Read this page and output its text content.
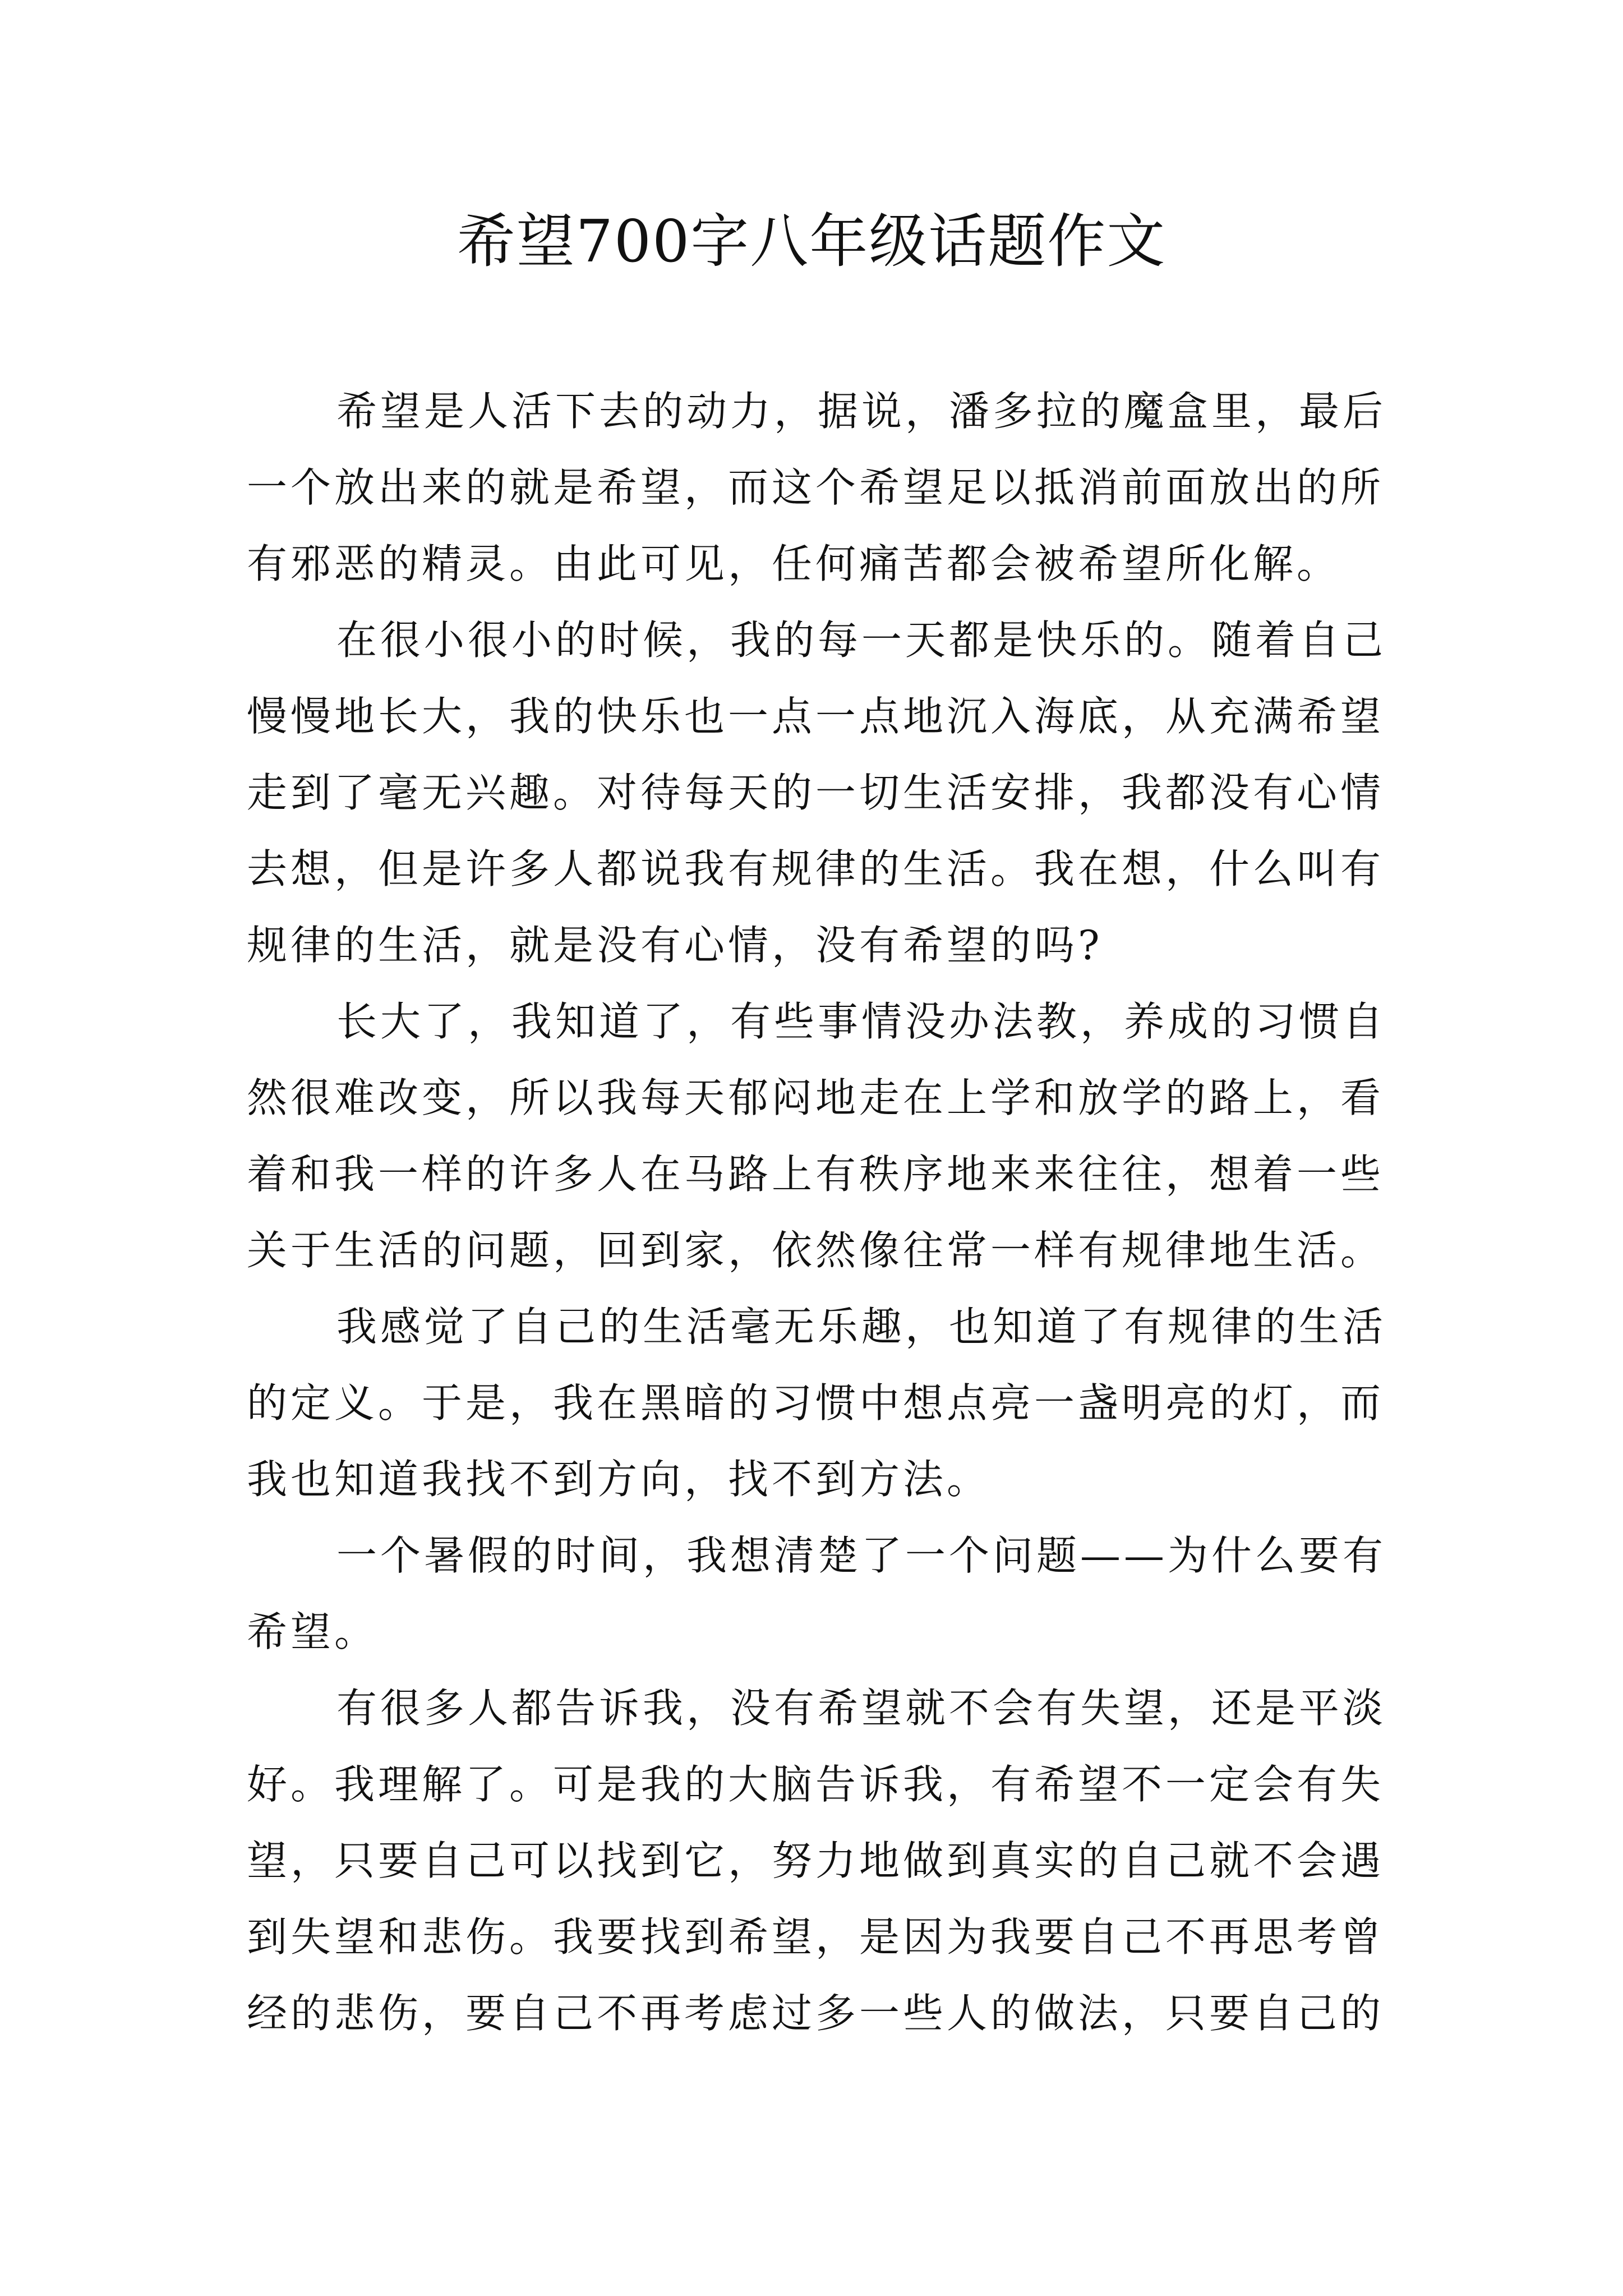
希望700字八年级话题作文
希望是人活下去的动力，据说，潘多拉的魔盒里，最后
一个放出来的就是希望，而这个希望足以抵消前面放出的所
有邪恶的精灵。由此可见，任何痛苦都会被希望所化解。
在很小很小的时候，我的每一天都是快乐的。随着自己
慢慢地长大，我的快乐也一点一点地沉入海底，从充满希望
走到了毫无兴趣。对待每天的一切生活安排，我都没有心情
去想，但是许多人都说我有规律的生活。我在想，什么叫有
规律的生活，就是没有心情，没有希望的吗?
长大了，我知道了，有些事情没办法教，养成的习惯自
然很难改变，所以我每天郁闷地走在上学和放学的路上，看
着和我一样的许多人在马路上有秩序地来来往往，想着一些
关于生活的问题，回到家，依然像往常一样有规律地生活。
我感觉了自己的生活毫无乐趣，也知道了有规律的生活
的定义。于是，我在黑暗的习惯中想点亮一盏明亮的灯，而
我也知道我找不到方向，找不到方法。
一个暑假的时间，我想清楚了一个问题——为什么要有
希望。
有很多人都告诉我，没有希望就不会有失望，还是平淡
好。我理解了。可是我的大脑告诉我，有希望不一定会有失
望，只要自己可以找到它，努力地做到真实的自己就不会遇
到失望和悲伤。我要找到希望，是因为我要自己不再思考曾
经的悲伤，要自己不再考虑过多一些人的做法，只要自己的
